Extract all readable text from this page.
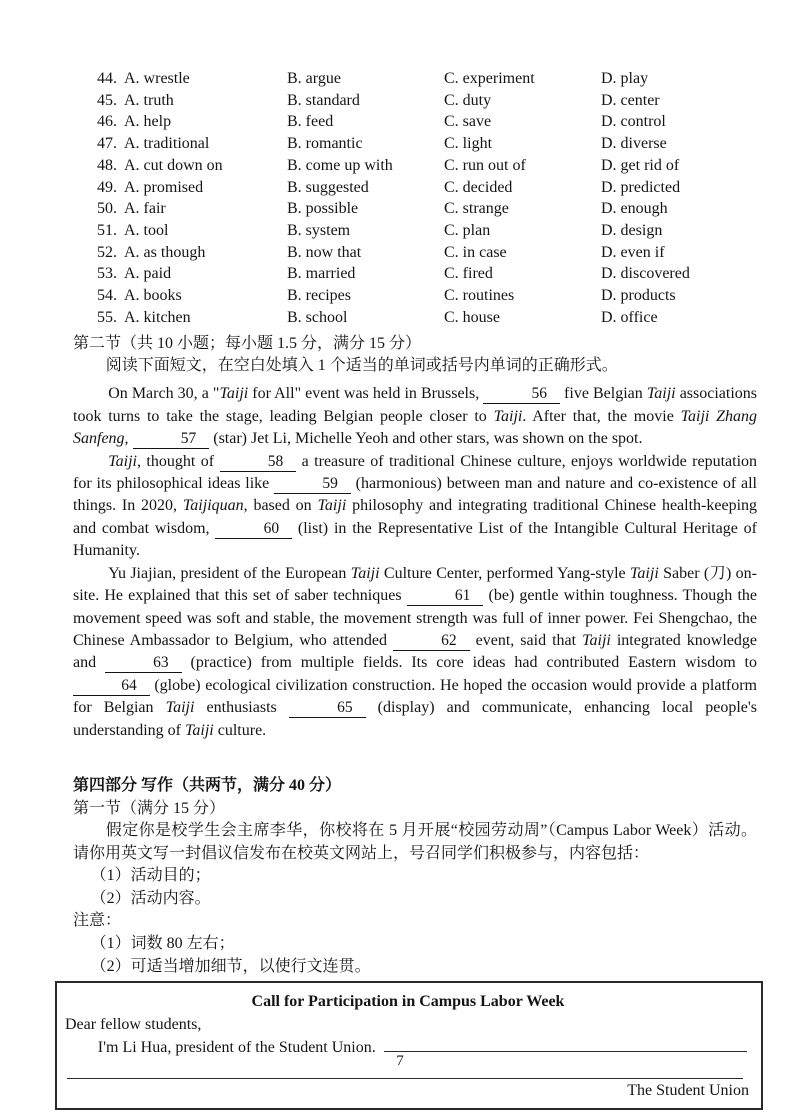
44. A. wrestle	B. argue	C. experiment	D. play
45. A. truth	B. standard	C. duty	D. center
46. A. help	B. feed	C. save	D. control
47. A. traditional	B. romantic	C. light	D. diverse
48. A. cut down on	B. come up with	C. run out of	D. get rid of
49. A. promised	B. suggested	C. decided	D. predicted
50. A. fair	B. possible	C. strange	D. enough
51. A. tool	B. system	C. plan	D. design
52. A. as though	B. now that	C. in case	D. even if
53. A. paid	B. married	C. fired	D. discovered
54. A. books	B. recipes	C. routines	D. products
55. A. kitchen	B. school	C. house	D. office
第二节（共 10 小题；每小题 1.5 分，满分 15 分）
阅读下面短文，在空白处填入 1 个适当的单词或括号内单词的正确形式。

On March 30, a "Taiji for All" event was held in Brussels,	56 five Belgian Taiji associations took turns to take the stage, leading Belgian people closer to Taiji. After that, the movie Taiji Zhang Sanfeng,	57 (star) Jet Li, Michelle Yeoh and other stars, was shown on the spot.

Taiji, thought of	58 a treasure of traditional Chinese culture, enjoys worldwide reputation for its philosophical ideas like	59 (harmonious) between man and nature and co-existence of all things. In 2020, Taijiquan, based on Taiji philosophy and integrating traditional Chinese health-keeping and combat wisdom,	60 (list) in the Representative List of the Intangible Cultural Heritage of Humanity.

Yu Jiajian, president of the European Taiji Culture Center, performed Yang-style Taiji Saber (刀) on-site. He explained that this set of saber techniques	61 (be) gentle within toughness. Though the movement speed was soft and stable, the movement strength was full of inner power. Fei Shengchao, the Chinese Ambassador to Belgium, who attended	62 event, said that Taiji integrated knowledge and	63 (practice) from multiple fields. Its core ideas had contributed Eastern wisdom to 64 (globe) ecological civilization construction. He hoped the occasion would provide a platform for Belgian Taiji enthusiasts	65 (display) and communicate, enhancing local people's understanding of Taiji culture.

第四部分 写作（共两节，满分 40 分）
第一节（满分 15 分）

假定你是校学生会主席李华，你校将在 5 月开展“校园劳动周”（Campus Labor Week）活动。请你用英文写一封倡议信发布在校英文网站上，号召同学们积极参与，内容包括：

（1）活动目的；
（2）活动内容。
注意：
（1）词数 80 左右；
（2）可适当增加细节，以使行文连贯。
Call for Participation in Campus Labor Week
Dear fellow students,
I'm Li Hua, president of the Student Union.
The Student Union
7
